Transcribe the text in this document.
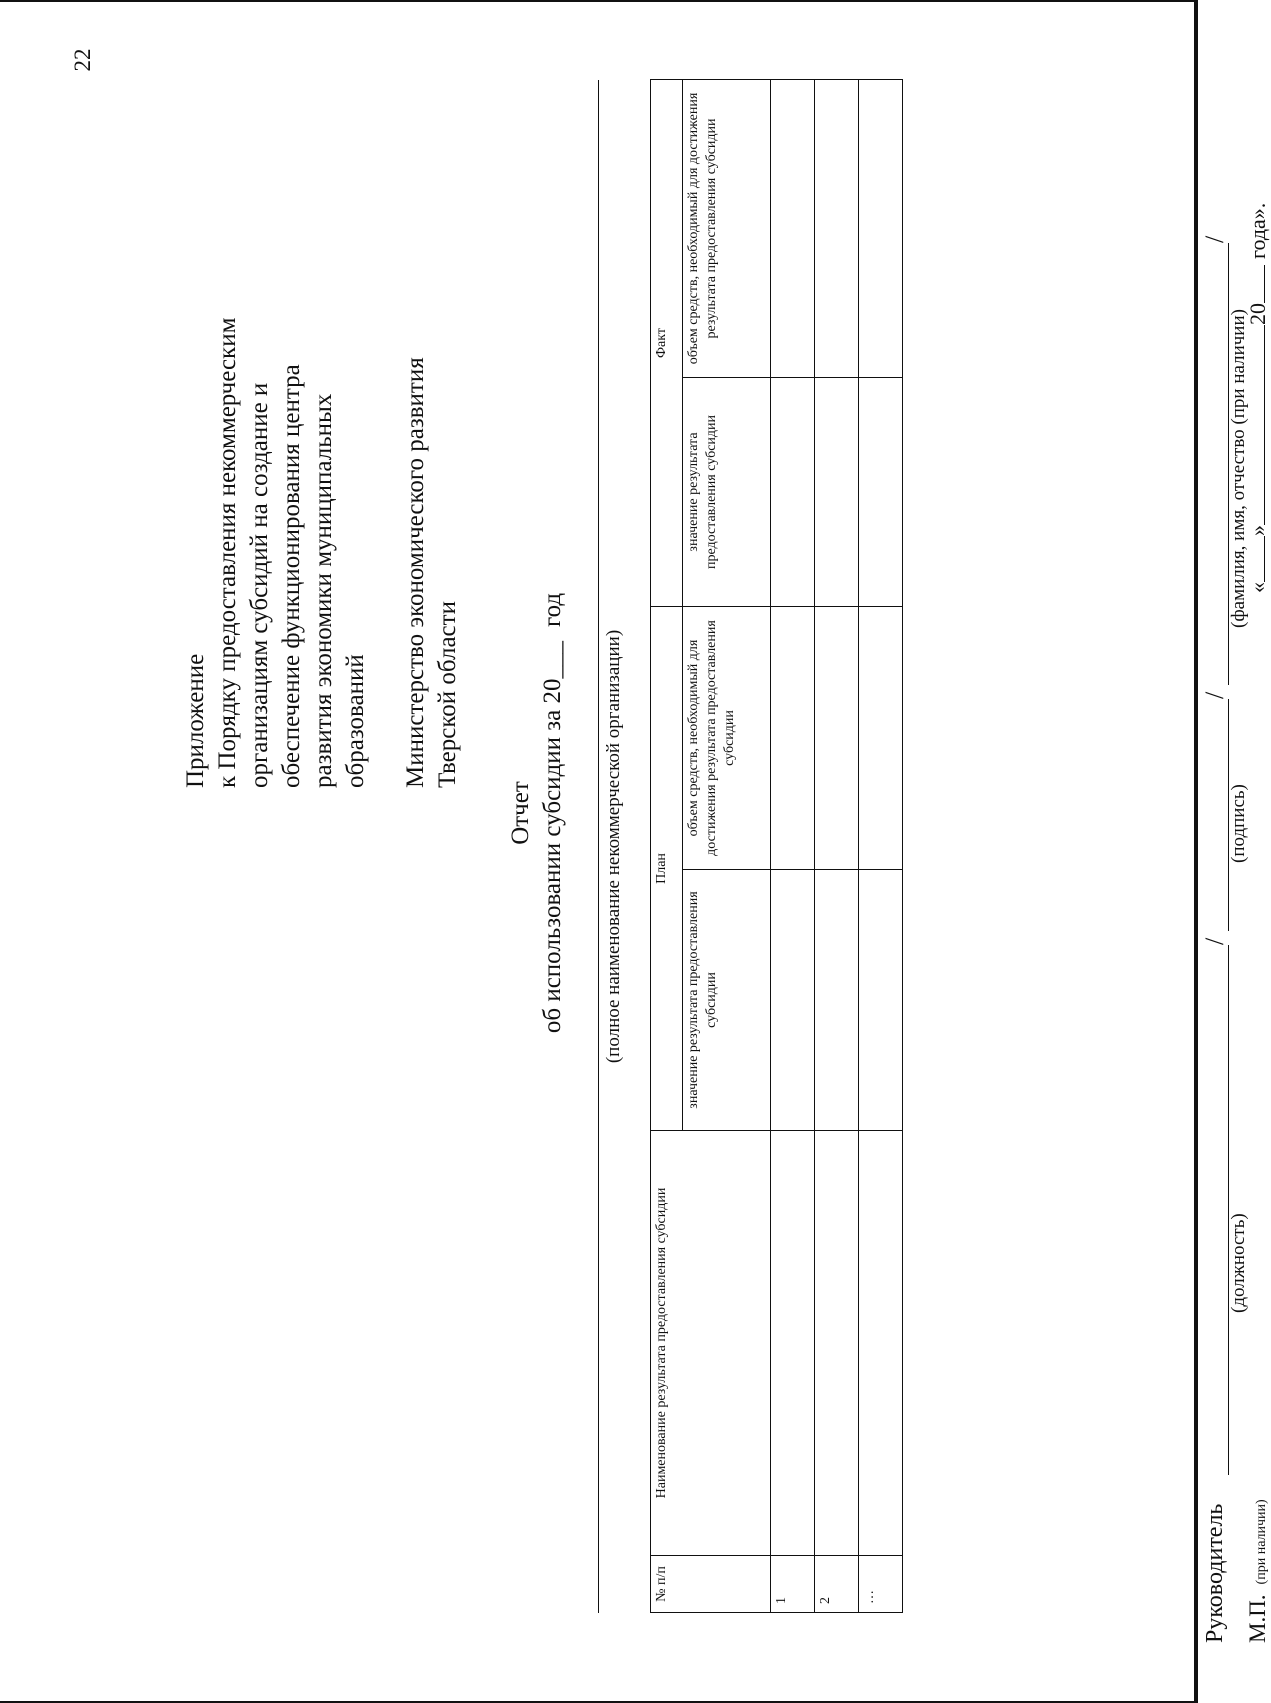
22

Приложение к Порядку предоставления некоммерческим организациям субсидий на создание и обеспечение функционирования центра развития экономики муниципальных образований Министерство экономического развития Тверской области

Отчет об использовании субсидии за 20___год
(полное наименование некоммерческой организации)
№ п/п	Наименование результата предоставления субсидии	План		Факт	
		значение результата предоставления субсидии	объем средств, необходимый для достижения результата предоставления субсидии	значение результата предоставления субсидии	объем средств, необходимый для достижения результата предоставления субсидии
1					
2					
…						Руководитель
/
/
/
(должность)
(подпись)
(фамилия, имя, отчество (при наличии)
М.П.(при наличии)
«»20года».
